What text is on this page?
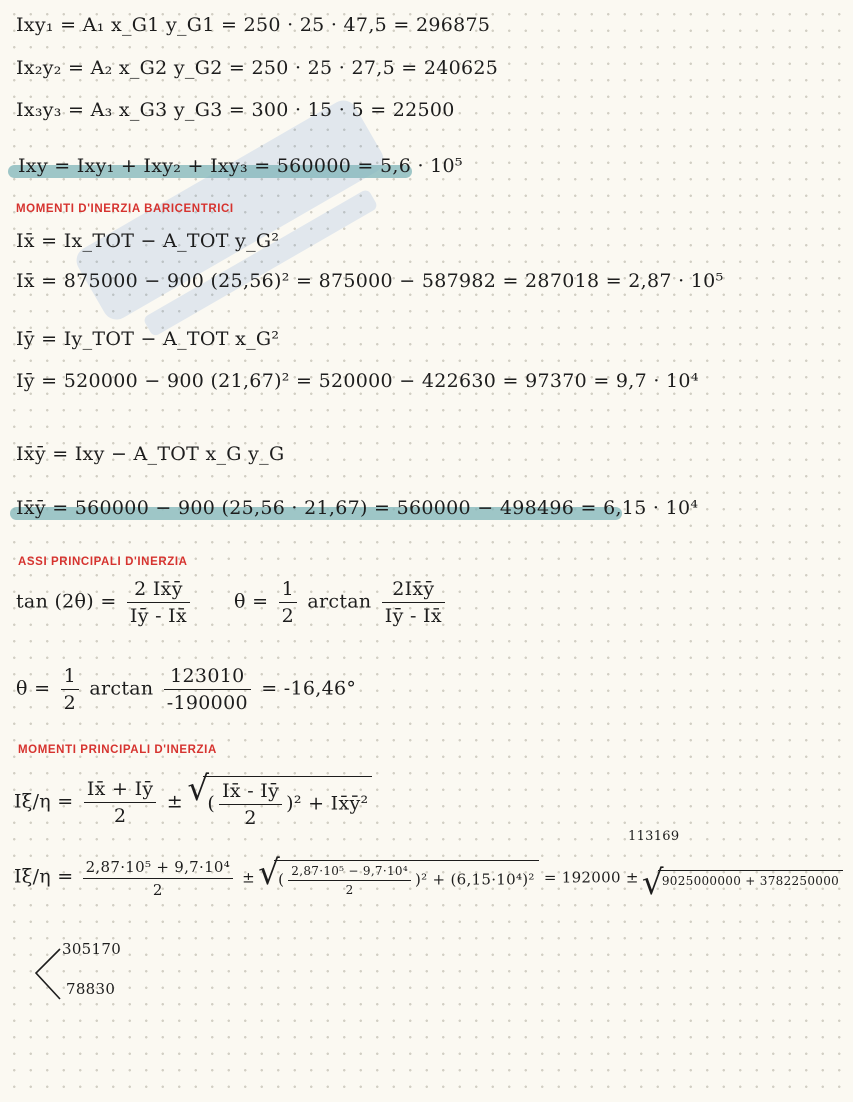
Ixy₁ = A₁ x_G1 y_G1 = 250 · 25 · 47,5 = 296875
Ix₂y₂ = A₂ x_G2 y_G2 = 250 · 25 · 27,5 = 240625
Ix₃y₃ = A₃ x_G3 y_G3 = 300 · 15 · 5 = 22500
Ixy = Ixy₁ + Ixy₂ + Ixy₃ = 560000 = 5,6 · 10⁵
MOMENTI D'INERZIA BARICENTRICI
Ix̄ = Ix_TOT − A_TOT y_G²
Ix̄ = 875000 − 900 (25,56)² = 875000 − 587982 = 287018 = 2,87 · 10⁵
Iȳ = Iy_TOT − A_TOT x_G²
Iȳ = 520000 − 900 (21,67)² = 520000 − 422630 = 97370 = 9,7 · 10⁴
Ix̄ȳ = Ixy − A_TOT x_G y_G
Ix̄ȳ = 560000 − 900 (25,56 · 21,67) = 560000 − 498496 = 6,15 · 10⁴
ASSI PRINCIPALI D'INERZIA
$\tan (2\theta) = \frac{2 Ix̄ȳ}{Iȳ - Ix̄}$ $\theta = \frac{1}{2}$ $\arctan \frac{2Ix̄ȳ}{Iȳ - Ix̄}$
$\theta = \frac{1}{2}$ $\arctan \frac{123010}{-190000} = -16,46^\circ$
MOMENTI PRINCIPALI D'INERZIA
$I\xi/\eta = \frac{Ix̄ + Iȳ}{2}$ ± √ ( $\frac{Ix̄ - Iȳ}{2} )^2$ + Ix̄ȳ²
113169
$I\xi/\eta = \frac{\text{2,87·10⁵ + 9,7·10⁴}}{2}$ ± √ ( $\frac{\text{2,87·10⁵ − 9,7·10⁴}}{2} )^2 + (6,15\cdot 10^4)^2 = 192000$ ± √ 9025000000 + 3782250000
305170
78830
